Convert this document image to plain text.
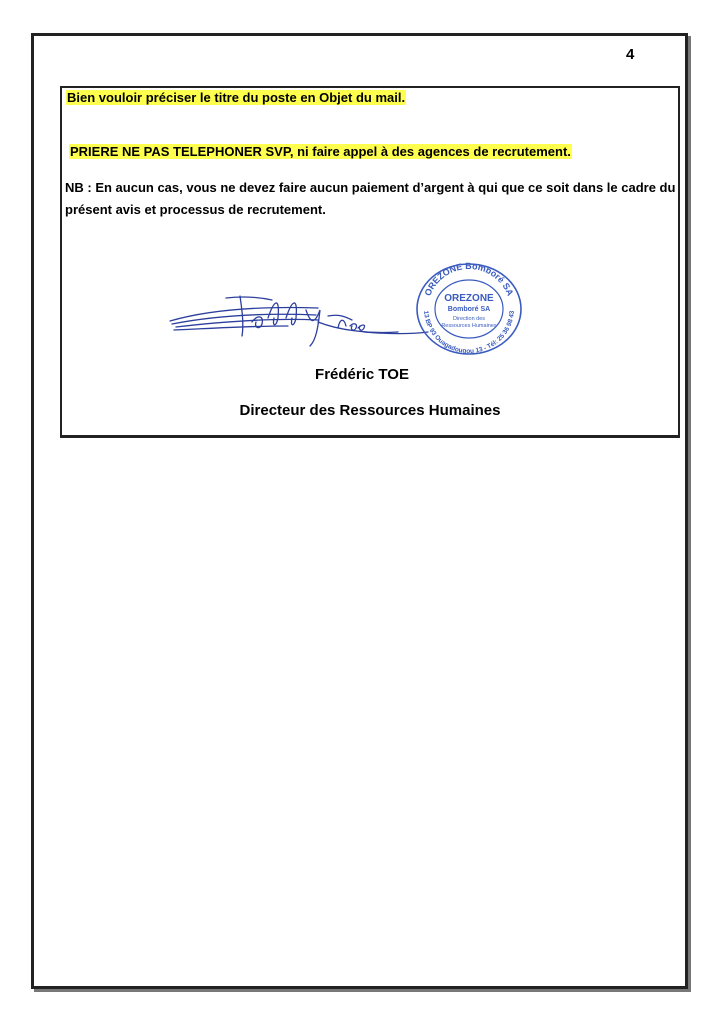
4
Bien vouloir préciser le titre du poste en Objet du mail.
PRIERE NE PAS TELEPHONER SVP, ni faire appel à des agences de recrutement.
NB : En aucun cas, vous ne devez faire aucun paiement d’argent à qui que ce soit dans le cadre du
présent avis et processus de recrutement.
OREZONE Bomboré SA
13 BP 93 Ouagadougou 13 - Tél: 25 36 98 43
OREZONE
Bomboré SA
Direction des
Ressources Humaines
Frédéric TOE
Directeur des Ressources Humaines
